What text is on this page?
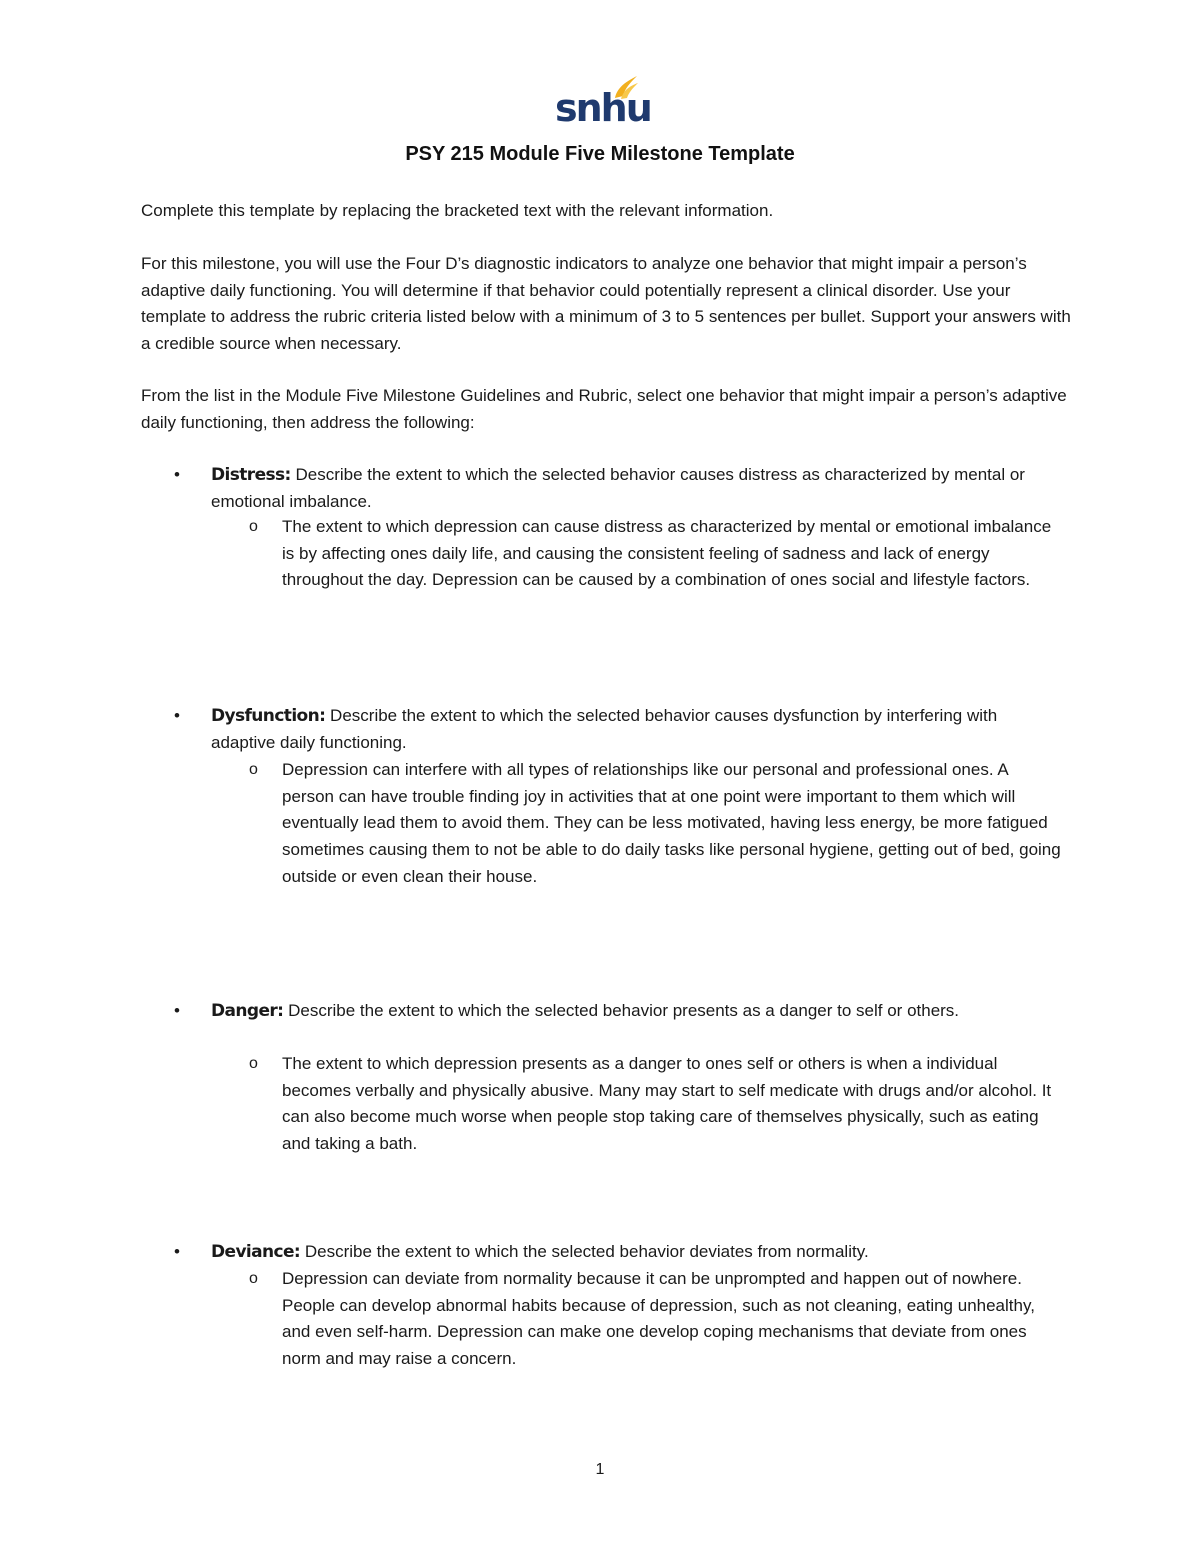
snhu
PSY 215 Module Five Milestone Template

Complete this template by replacing the bracketed text with the relevant information.

For this milestone, you will use the Four D’s diagnostic indicators to analyze one behavior that might impair a person’s adaptive daily functioning. You will determine if that behavior could potentially represent a clinical disorder. Use your template to address the rubric criteria listed below with a minimum of 3 to 5 sentences per bullet. Support your answers with a credible source when necessary.

From the list in the Module Five Milestone Guidelines and Rubric, select one behavior that might impair a person’s adaptive daily functioning, then address the following:

• Distress: Describe the extent to which the selected behavior causes distress as characterized by mental or emotional imbalance.
o The extent to which depression can cause distress as characterized by mental or emotional imbalance is by affecting ones daily life, and causing the consistent feeling of sadness and lack of energy throughout the day. Depression can be caused by a combination of ones social and lifestyle factors.
• Dysfunction: Describe the extent to which the selected behavior causes dysfunction by interfering with adaptive daily functioning.
o Depression can interfere with all types of relationships like our personal and professional ones. A person can have trouble finding joy in activities that at one point were important to them which will eventually lead them to avoid them. They can be less motivated, having less energy, be more fatigued sometimes causing them to not be able to do daily tasks like personal hygiene, getting out of bed, going outside or even clean their house.
• Danger: Describe the extent to which the selected behavior presents as a danger to self or others.
o The extent to which depression presents as a danger to ones self or others is when a individual becomes verbally and physically abusive. Many may start to self medicate with drugs and/or alcohol. It can also become much worse when people stop taking care of themselves physically, such as eating and taking a bath.
• Deviance: Describe the extent to which the selected behavior deviates from normality.
o Depression can deviate from normality because it can be unprompted and happen out of nowhere. People can develop abnormal habits because of depression, such as not cleaning, eating unhealthy, and even self-harm. Depression can make one develop coping mechanisms that deviate from ones norm and may raise a concern.
1
